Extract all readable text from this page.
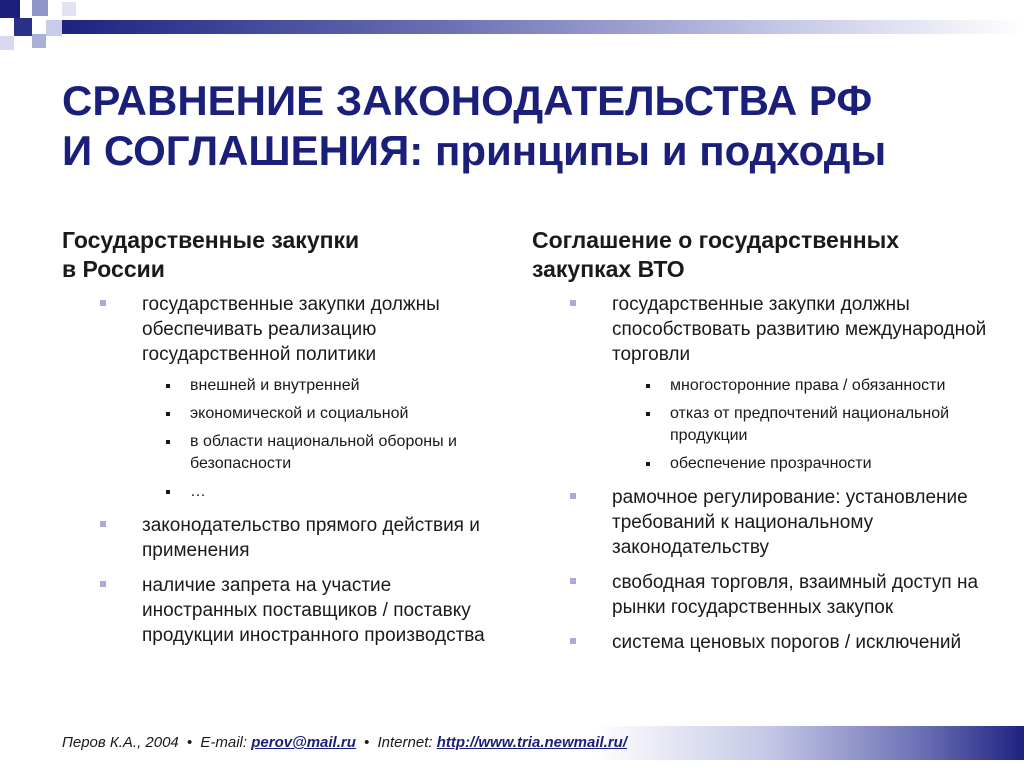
СРАВНЕНИЕ ЗАКОНОДАТЕЛЬСТВА РФ
И СОГЛАШЕНИЯ: принципы и подходы
Государственные закупки
в России
государственные закупки должны обеспечивать реализацию государственной политики
внешней и внутренней
экономической и социальной
в области национальной обороны и безопасности
…
законодательство прямого действия и применения
наличие запрета на участие иностранных поставщиков / поставку продукции иностранного производства
Соглашение о государственных
закупках ВТО
государственные закупки должны способствовать развитию международной торговли
многосторонние права / обязанности
отказ от предпочтений национальной продукции
обеспечение прозрачности
рамочное регулирование: установление требований к национальному законодательству
свободная торговля, взаимный доступ на рынки государственных закупок
система ценовых порогов / исключений
Перов К.А., 2004 • E-mail: perov@mail.ru • Internet: http://www.tria.newmail.ru/
